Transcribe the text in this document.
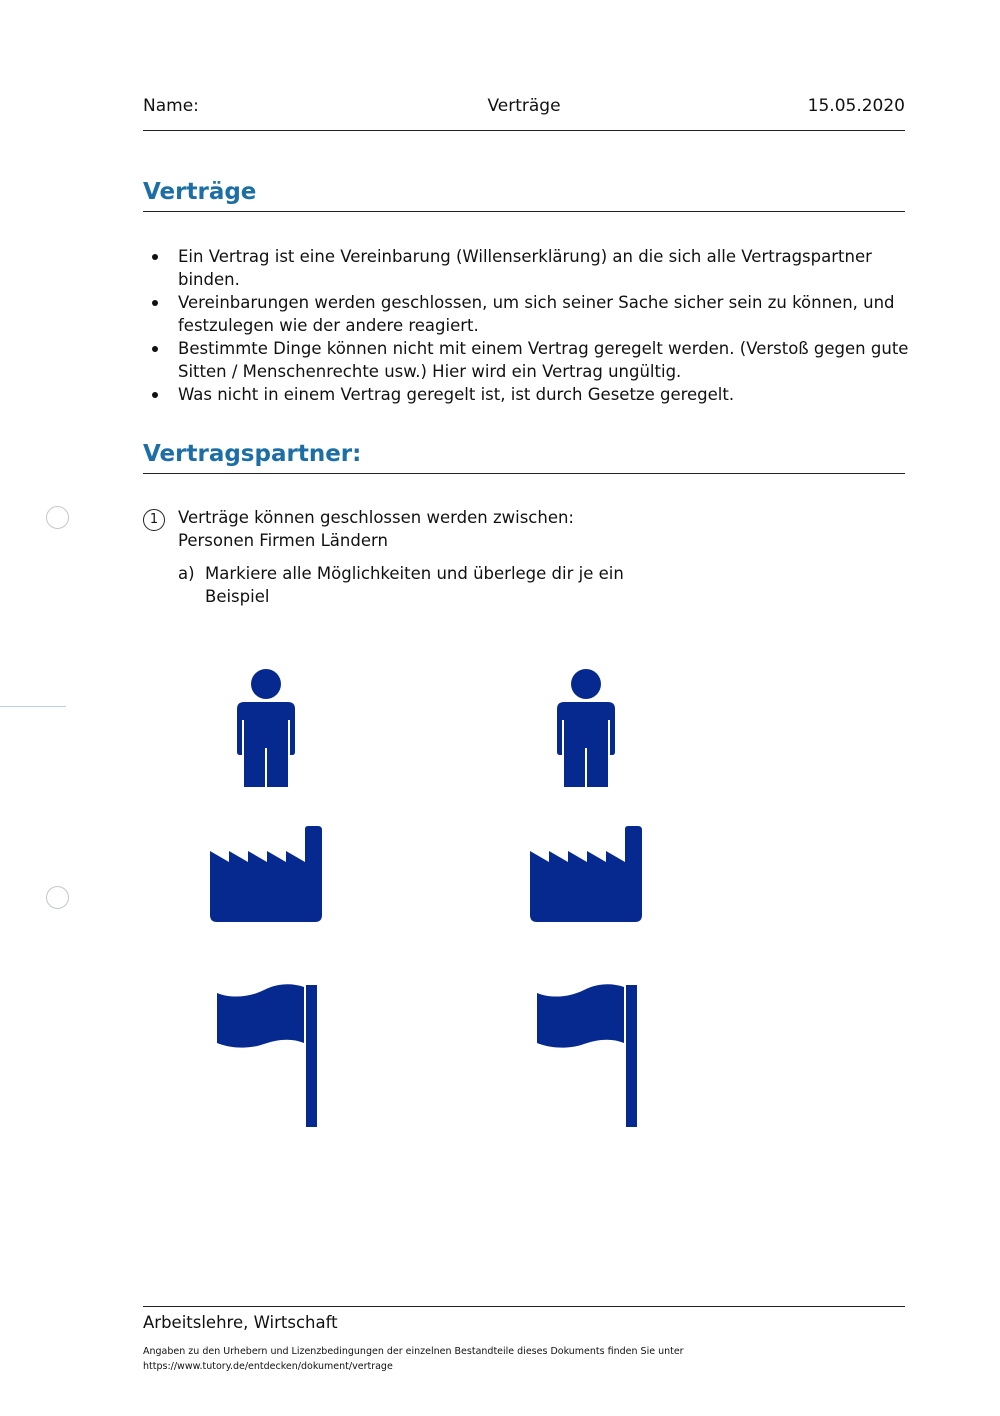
Name:	Verträge	15.05.2020
Verträge
Ein Vertrag ist eine Vereinbarung (Willenserklärung) an die sich alle Vertragspartner binden.
Vereinbarungen werden geschlossen, um sich seiner Sache sicher sein zu können, und festzulegen wie der andere reagiert.
Bestimmte Dinge können nicht mit einem Vertrag geregelt werden. (Verstoß gegen gute Sitten / Menschenrechte usw.) Hier wird ein Vertrag ungültig.
Was nicht in einem Vertrag geregelt ist, ist durch Gesetze geregelt.
Vertragspartner:
1	Verträge können geschlossen werden zwischen:
Personen Firmen Ländern
a) Markiere alle Möglichkeiten und überlege dir je ein Beispiel
Arbeitslehre, Wirtschaft
Angaben zu den Urhebern und Lizenzbedingungen der einzelnen Bestandteile dieses Dokuments finden Sie unter
https://www.tutory.de/entdecken/dokument/vertrage
